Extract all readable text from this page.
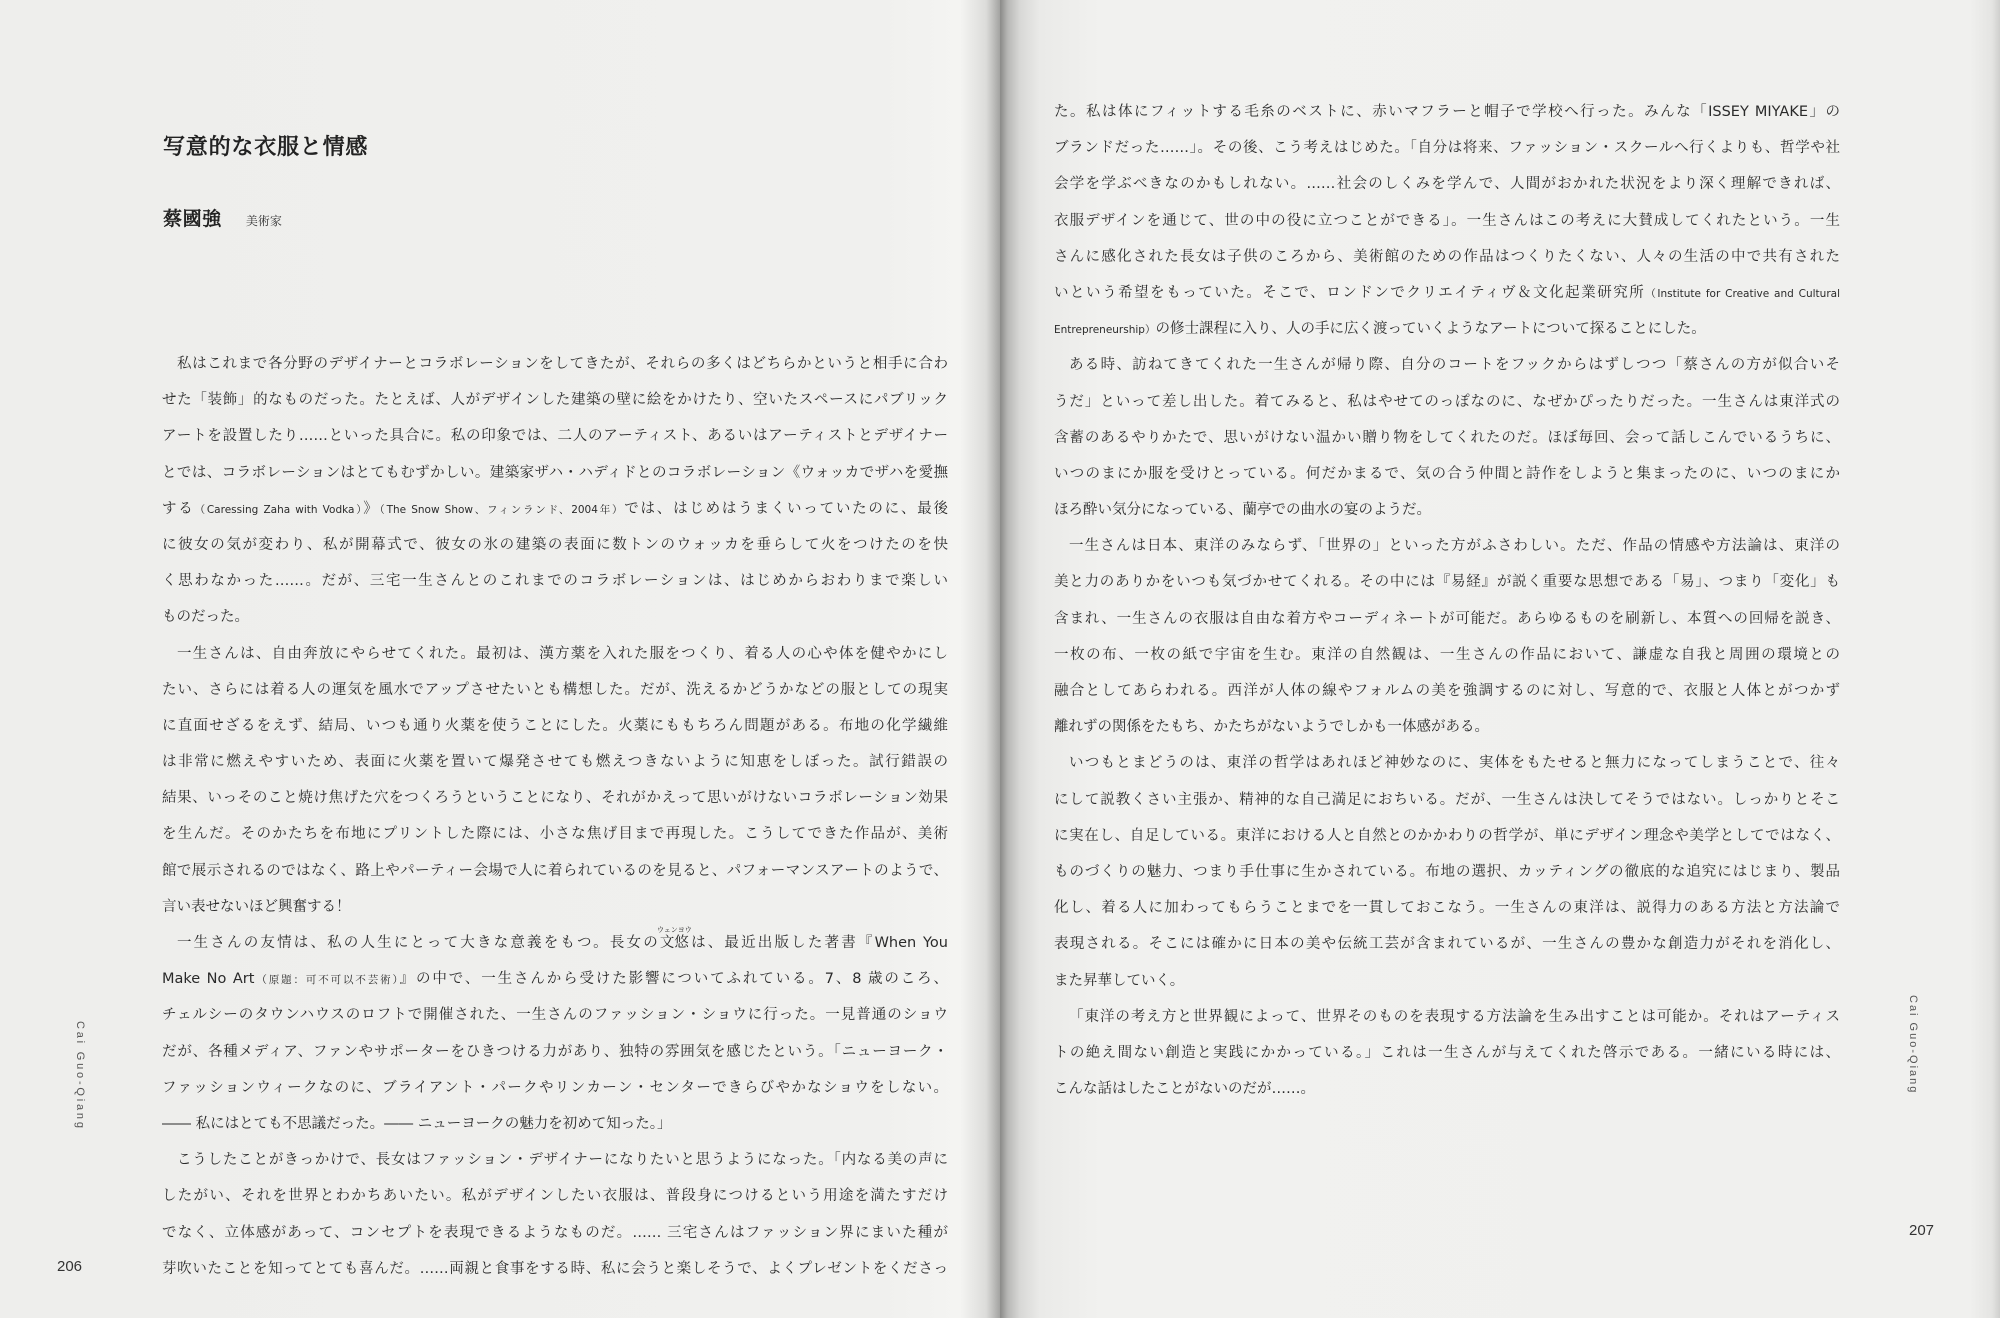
写意的な衣服と情感
蔡國強 美術家
私はこれまで各分野のデザイナーとコラボレーションをしてきたが、それらの多くはどちらかというと相手に合わ
せた「装飾」的なものだった。たとえば、人がデザインした建築の壁に絵をかけたり、空いたスペースにパブリック
アートを設置したり……といった具合に。私の印象では、二人のアーティスト、あるいはアーティストとデザイナー
とでは、コラボレーションはとてもむずかしい。建築家ザハ・ハディドとのコラボレーション《ウォッカでザハを愛撫
する（Caressing Zaha with Vodka）》（The Snow Show、フィンランド、2004年）では、はじめはうまくいっていたのに、最後
に彼女の気が変わり、私が開幕式で、彼女の氷の建築の表面に数トンのウォッカを垂らして火をつけたのを快
く思わなかった……。だが、三宅一生さんとのこれまでのコラボレーションは、はじめからおわりまで楽しい
ものだった。
一生さんは、自由奔放にやらせてくれた。最初は、漢方薬を入れた服をつくり、着る人の心や体を健やかにし
たい、さらには着る人の運気を風水でアップさせたいとも構想した。だが、洗えるかどうかなどの服としての現実
に直面せざるをえず、結局、いつも通り火薬を使うことにした。火薬にももちろん問題がある。布地の化学繊維
は非常に燃えやすいため、表面に火薬を置いて爆発させても燃えつきないように知恵をしぼった。試行錯誤の
結果、いっそのこと焼け焦げた穴をつくろうということになり、それがかえって思いがけないコラボレーション効果
を生んだ。そのかたちを布地にプリントした際には、小さな焦げ目まで再現した。こうしてできた作品が、美術
館で展示されるのではなく、路上やパーティー会場で人に着られているのを見ると、パフォーマンスアートのようで、
言い表せないほど興奮する！
一生さんの友情は、私の人生にとって大きな意義をもつ。長女の文悠
ウェンヨウ
は、最近出版した著書『When You
Make No Art（原題：可不可以不芸術）』の中で、一生さんから受けた影響についてふれている。7、8 歳のころ、
チェルシーのタウンハウスのロフトで開催された、一生さんのファッション・ショウに行った。一見普通のショウ
だが、各種メディア、ファンやサポーターをひきつける力があり、独特の雰囲気を感じたという。「ニューヨーク・
ファッションウィークなのに、ブライアント・パークやリンカーン・センターできらびやかなショウをしない。
―― 私にはとても不思議だった。―― ニューヨークの魅力を初めて知った。」
こうしたことがきっかけで、長女はファッション・デザイナーになりたいと思うようになった。「内なる美の声に
したがい、それを世界とわかちあいたい。私がデザインしたい衣服は、普段身につけるという用途を満たすだけ
でなく、立体感があって、コンセプトを表現できるようなものだ。…… 三宅さんはファッション界にまいた種が
芽吹いたことを知ってとても喜んだ。……両親と食事をする時、私に会うと楽しそうで、よくプレゼントをくださっ
Cai Guo-Qiang
206
た。私は体にフィットする毛糸のベストに、赤いマフラーと帽子で学校へ行った。みんな「ISSEY MIYAKE」の
ブランドだった……」。その後、こう考えはじめた。「自分は将来、ファッション・スクールへ行くよりも、哲学や社
会学を学ぶべきなのかもしれない。……社会のしくみを学んで、人間がおかれた状況をより深く理解できれば、
衣服デザインを通じて、世の中の役に立つことができる」。一生さんはこの考えに大賛成してくれたという。一生
さんに感化された長女は子供のころから、美術館のための作品はつくりたくない、人々の生活の中で共有された
いという希望をもっていた。そこで、ロンドンでクリエイティヴ＆文化起業研究所（Institute for Creative and Cultural
Entrepreneurship）の修士課程に入り、人の手に広く渡っていくようなアートについて探ることにした。
ある時、訪ねてきてくれた一生さんが帰り際、自分のコートをフックからはずしつつ「蔡さんの方が似合いそ
うだ」といって差し出した。着てみると、私はやせてのっぽなのに、なぜかぴったりだった。一生さんは東洋式の
含蓄のあるやりかたで、思いがけない温かい贈り物をしてくれたのだ。ほぼ毎回、会って話しこんでいるうちに、
いつのまにか服を受けとっている。何だかまるで、気の合う仲間と詩作をしようと集まったのに、いつのまにか
ほろ酔い気分になっている、蘭亭での曲水の宴のようだ。
一生さんは日本、東洋のみならず、「世界の」といった方がふさわしい。ただ、作品の情感や方法論は、東洋の
美と力のありかをいつも気づかせてくれる。その中には『易経』が説く重要な思想である「易」、つまり「変化」も
含まれ、一生さんの衣服は自由な着方やコーディネートが可能だ。あらゆるものを刷新し、本質への回帰を説き、
一枚の布、一枚の紙で宇宙を生む。東洋の自然観は、一生さんの作品において、謙虚な自我と周囲の環境との
融合としてあらわれる。西洋が人体の線やフォルムの美を強調するのに対し、写意的で、衣服と人体とがつかず
離れずの関係をたもち、かたちがないようでしかも一体感がある。
いつもとまどうのは、東洋の哲学はあれほど神妙なのに、実体をもたせると無力になってしまうことで、往々
にして説教くさい主張か、精神的な自己満足におちいる。だが、一生さんは決してそうではない。しっかりとそこ
に実在し、自足している。東洋における人と自然とのかかわりの哲学が、単にデザイン理念や美学としてではなく、
ものづくりの魅力、つまり手仕事に生かされている。布地の選択、カッティングの徹底的な追究にはじまり、製品
化し、着る人に加わってもらうことまでを一貫しておこなう。一生さんの東洋は、説得力のある方法と方法論で
表現される。そこには確かに日本の美や伝統工芸が含まれているが、一生さんの豊かな創造力がそれを消化し、
また昇華していく。
「東洋の考え方と世界観によって、世界そのものを表現する方法論を生み出すことは可能か。それはアーティス
トの絶え間ない創造と実践にかかっている。」これは一生さんが与えてくれた啓示である。一緒にいる時には、
こんな話はしたことがないのだが……。	Cai Guo-Qiang
207
